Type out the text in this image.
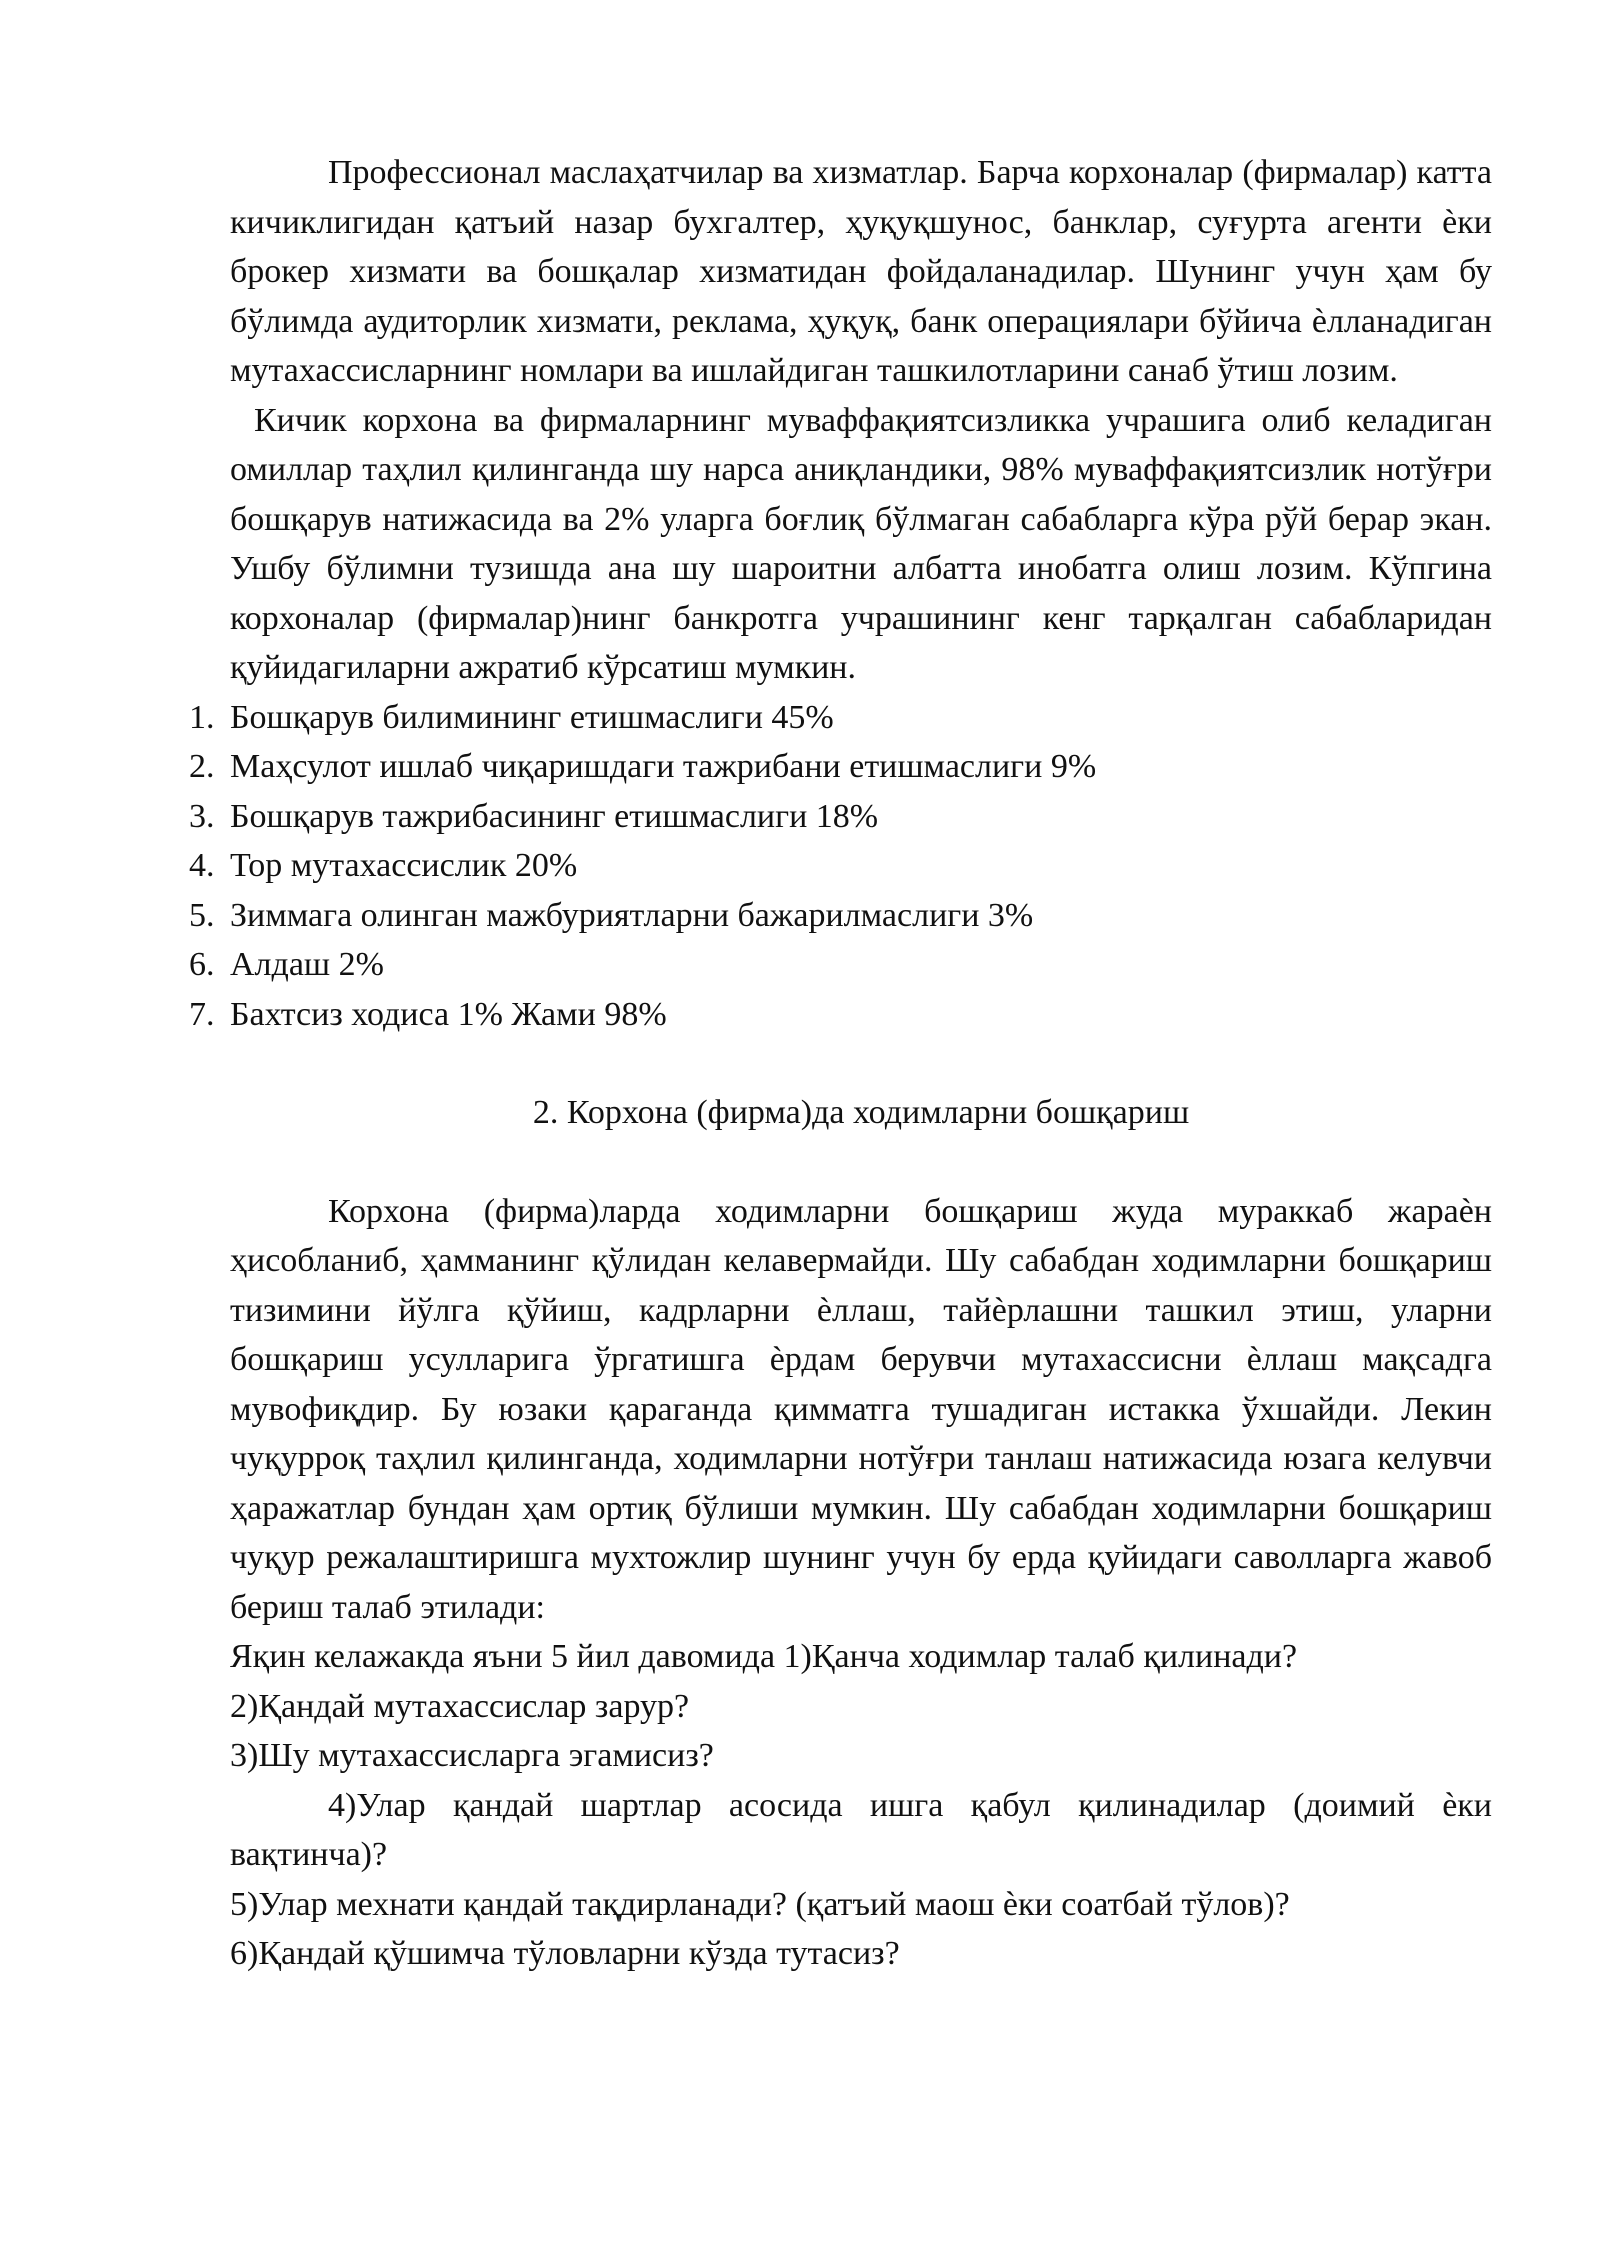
Профессионал маслаҳатчилар ва хизматлар. Барча корхоналар (фирмалар) катта кичиклигидан қатъий назар бухгалтер, ҳуқуқшунос, банклар, суғурта агенти ѐки брокер хизмати ва бошқалар хизматидан фойдаланадилар. Шунинг учун ҳам бу бўлимда аудиторлик хизмати, реклама, ҳуқуқ, банк операциялари бўйича ѐлланадиган мутахассисларнинг номлари ва ишлайдиган ташкилотларини санаб ўтиш лозим.

Кичик корхона ва фирмаларнинг муваффақиятсизликка учрашига олиб келадиган омиллар таҳлил қилинганда шу нарса аниқландики, 98% муваффақиятсизлик нотўғри бошқарув натижасида ва 2% уларга боғлиқ бўлмаган сабабларга кўра рўй берар экан. Ушбу бўлимни тузишда ана шу шароитни албатта инобатга олиш лозим. Кўпгина корхоналар (фирмалар)нинг банкротга учрашининг кенг тарқалган сабабларидан қуйидагиларни ажратиб кўрсатиш мумкин.

1. Бошқарув билимининг етишмаслиги 45%
2. Маҳсулот ишлаб чиқаришдаги тажрибани етишмаслиги 9%
3. Бошқарув тажрибасининг етишмаслиги 18%
4. Тор мутахассислик 20%
5. Зиммага олинган мажбуриятларни бажарилмаслиги 3%
6. Алдаш 2%
7. Бахтсиз ходиса 1% Жами 98%

2. Корхона (фирма)да ходимларни бошқариш

Корхона (фирма)ларда ходимларни бошқариш жуда мураккаб жараѐн ҳисобланиб, ҳамманинг қўлидан келавермайди. Шу сабабдан ходимларни бошқариш тизимини йўлга қўйиш, кадрларни ѐллаш, тайѐрлашни ташкил этиш, уларни бошқариш усулларига ўргатишга ѐрдам берувчи мутахассисни ѐллаш мақсадга мувофиқдир. Бу юзаки қараганда қимматга тушадиган истакка ўхшайди. Лекин чуқурроқ таҳлил қилинганда, ходимларни нотўғри танлаш натижасида юзага келувчи ҳаражатлар бундан ҳам ортиқ бўлиши мумкин. Шу сабабдан ходимларни бошқариш чуқур режалаштиришга мухтожлир шунинг учун бу ерда қуйидаги саволларга жавоб бериш талаб этилади:

Яқин келажакда яъни 5 йил давомида 1)Қанча ходимлар талаб қилинади?

2)Қандай мутахассислар зарур?

3)Шу мутахассисларга эгамисиз?

4)Улар қандай шартлар асосида ишга қабул қилинадилар (доимий ѐки вақтинча)?

5)Улар мехнати қандай тақдирланади? (қатъий маош ѐки соатбай тўлов)?

6)Қандай қўшимча тўловларни кўзда тутасиз?
